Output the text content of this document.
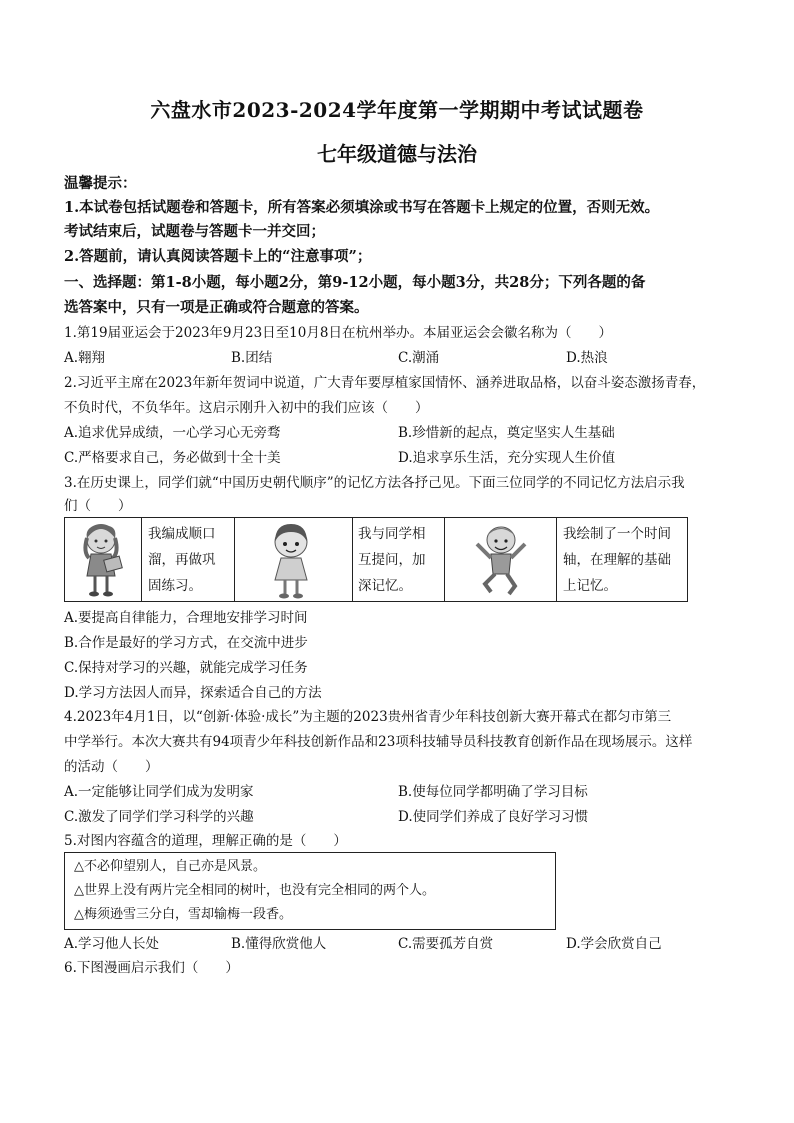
六盘水市2023-2024学年度第一学期期中考试试题卷
七年级道德与法治
温馨提示：
1.本试卷包括试题卷和答题卡，所有答案必须填涂或书写在答题卡上规定的位置，否则无效。
考试结束后，试题卷与答题卡一并交回；
2.答题前，请认真阅读答题卡上的“注意事项”；
一、选择题：第1-8小题，每小题2分，第9-12小题，每小题3分，共28分；下列各题的备
选答案中，只有一项是正确或符合题意的答案。
1.第19届亚运会于2023年9月23日至10月8日在杭州举办。本届亚运会会徽名称为（　　）
A.翱翔	B.团结	C.潮涌	D.热浪
2.习近平主席在2023年新年贺词中说道，广大青年要厚植家国情怀、涵养进取品格，以奋斗姿态激扬青春，
不负时代，不负华年。这启示刚升入初中的我们应该（　　）
A.追求优异成绩，一心学习心无旁骛	B.珍惜新的起点，奠定坚实人生基础
C.严格要求自己，务必做到十全十美	D.追求享乐生活，充分实现人生价值
3.在历史课上，同学们就“中国历史朝代顺序”的记忆方法各抒己见。下面三位同学的不同记忆方法启示我
们（　　）
我编成顺口
溜，再做巩
固练习。
我与同学相
互提问，加
深记忆。
我绘制了一个时间
轴，在理解的基础
上记忆。
A.要提高自律能力，合理地安排学习时间
B.合作是最好的学习方式，在交流中进步
C.保持对学习的兴趣，就能完成学习任务
D.学习方法因人而异，探索适合自己的方法
4.2023年4月1日，以“创新·体验·成长”为主题的2023贵州省青少年科技创新大赛开幕式在都匀市第三
中学举行。本次大赛共有94项青少年科技创新作品和23项科技辅导员科技教育创新作品在现场展示。这样
的活动（　　）
A.一定能够让同学们成为发明家	B.使每位同学都明确了学习目标
C.激发了同学们学习科学的兴趣	D.使同学们养成了良好学习习惯
5.对图内容蕴含的道理，理解正确的是（　　）
△不必仰望别人，自己亦是风景。
△世界上没有两片完全相同的树叶，也没有完全相同的两个人。
△梅须逊雪三分白，雪却输梅一段香。
A.学习他人长处	B.懂得欣赏他人	C.需要孤芳自赏	D.学会欣赏自己
6.下图漫画启示我们（　　）
